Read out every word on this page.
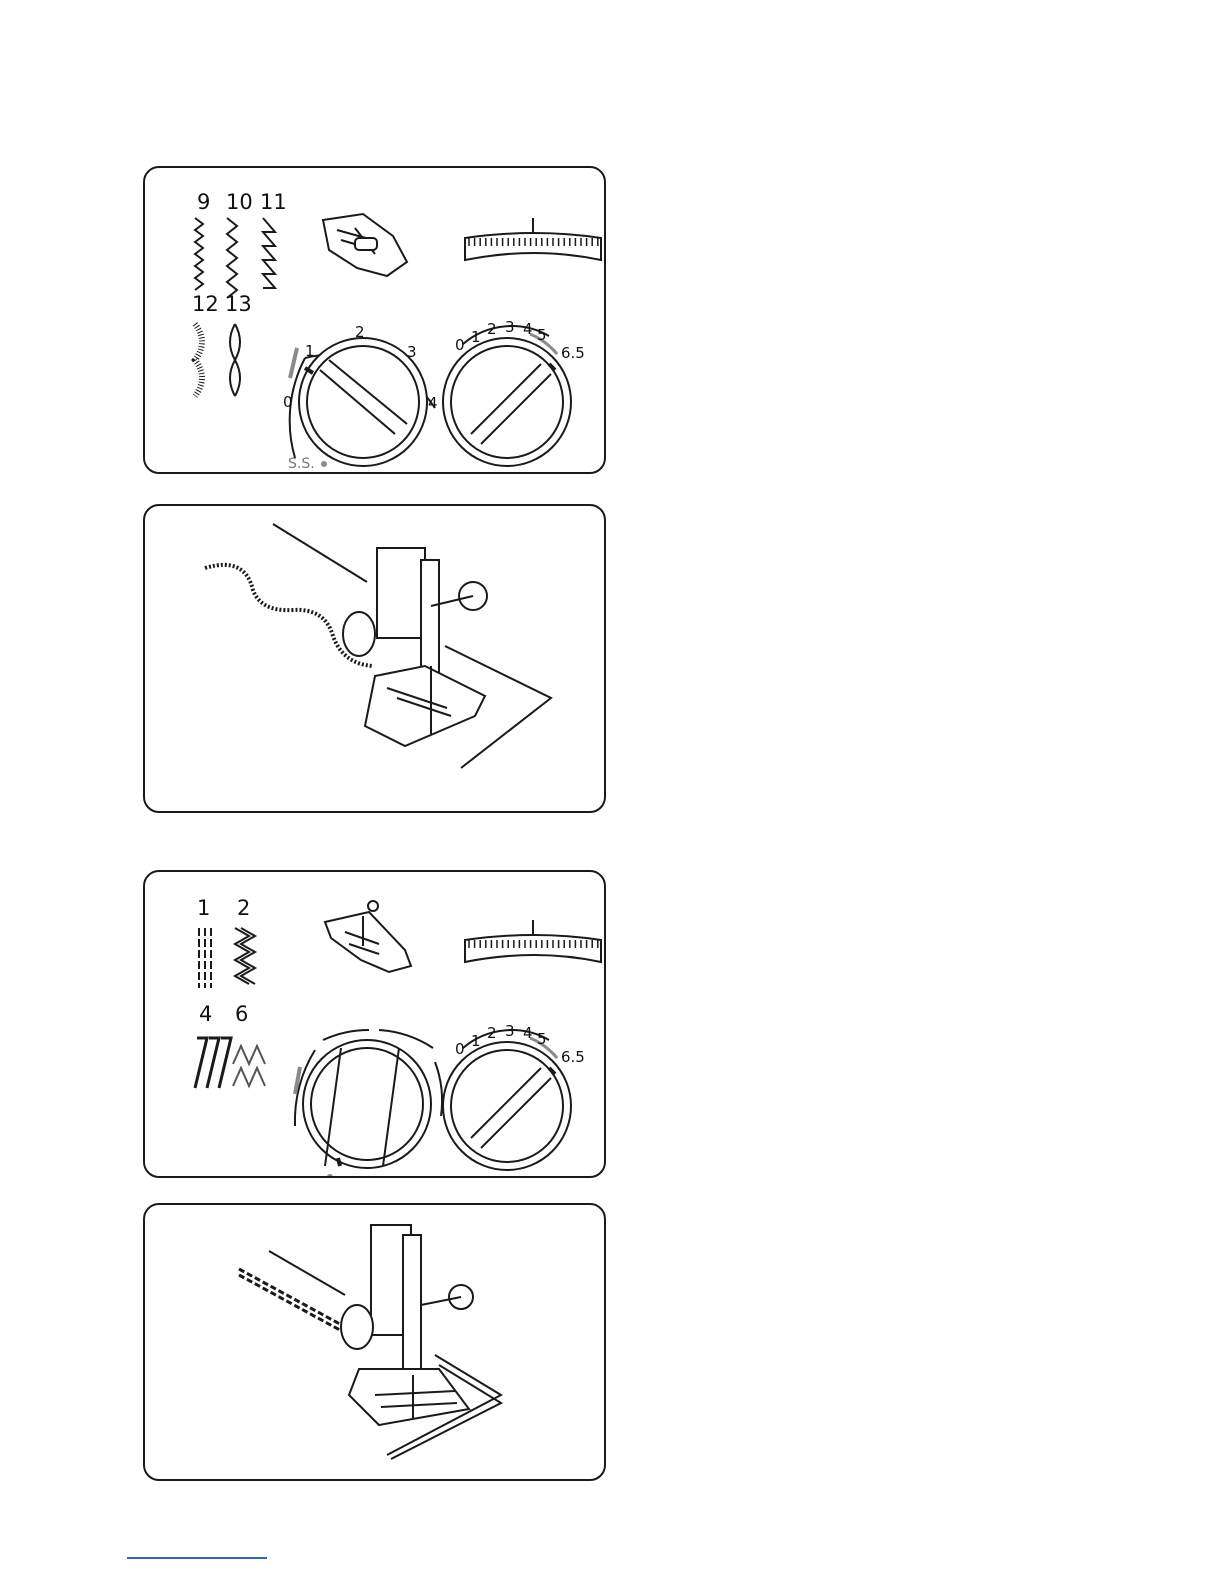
9 10 11
12 13
0
1
2
3
4
S.S.
0 1 2 3 4 5
6.5
1 2
4 6
0 1 2 3 4 5
6.5
